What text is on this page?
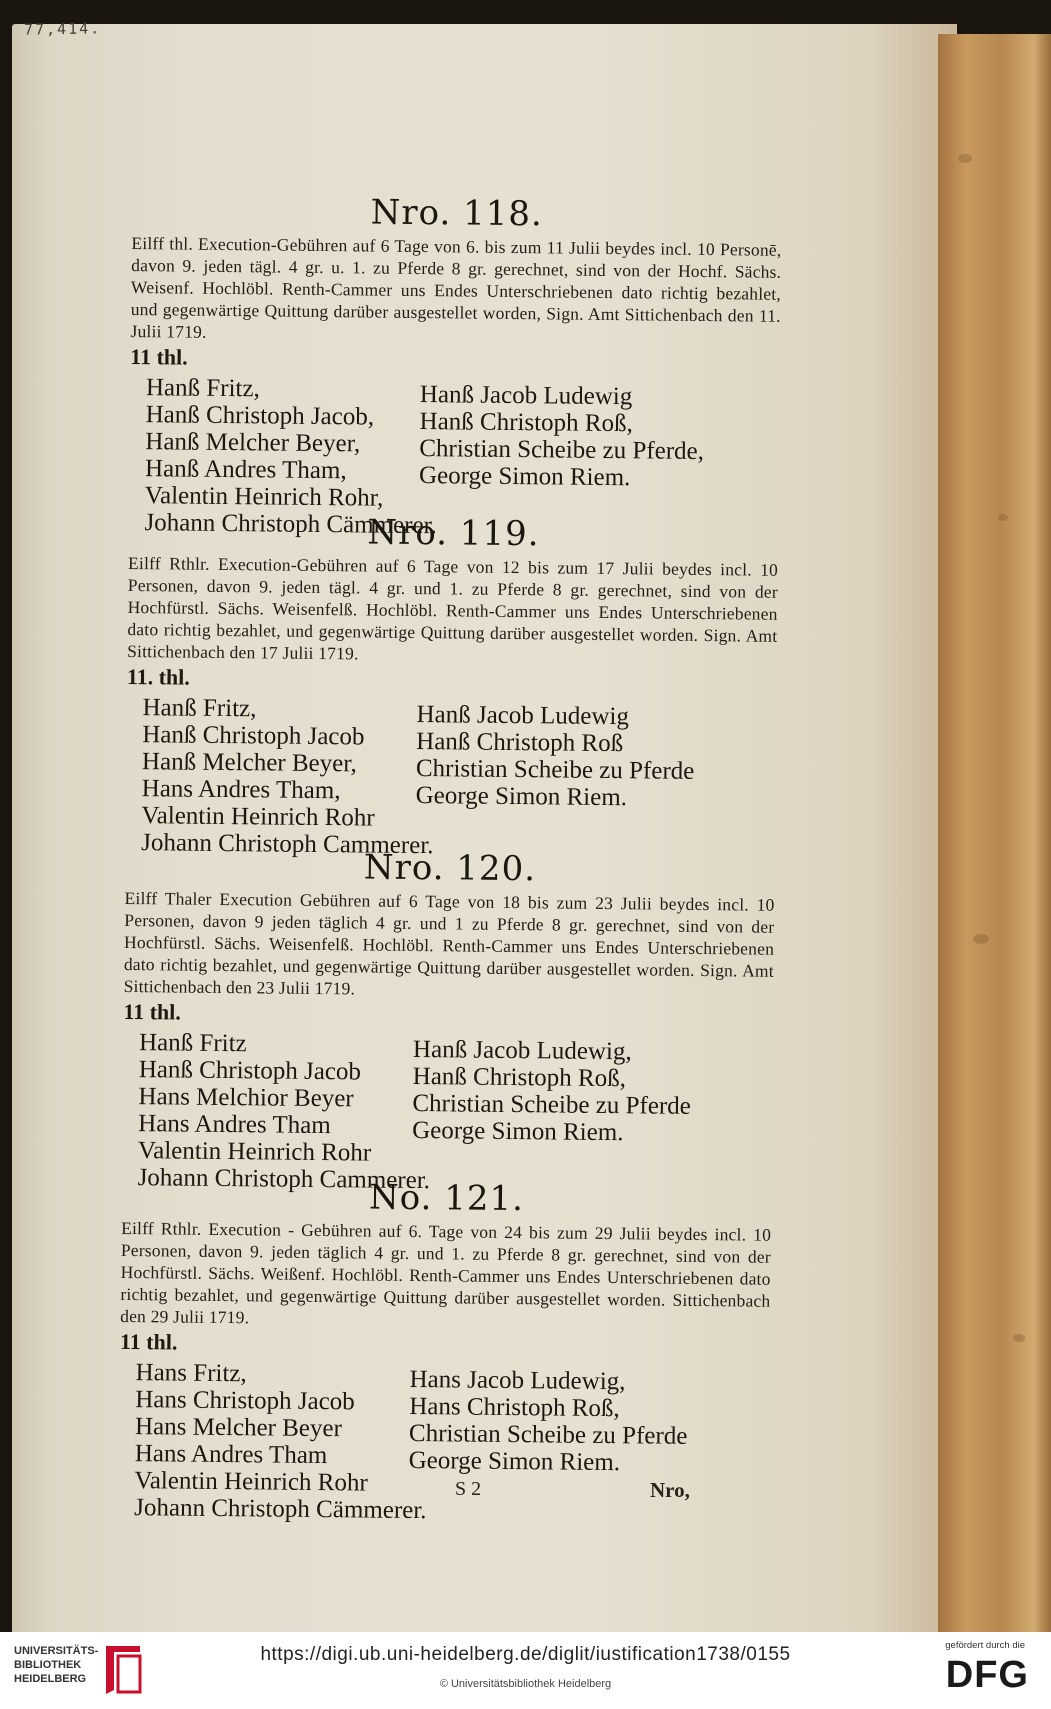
77,414.
Nro. 118.

Eilff thl. Execution-Gebühren auf 6 Tage von 6. bis zum 11 Julii beydes incl. 10 Personē, davon 9. jeden tägl. 4 gr. u. 1. zu Pferde 8 gr. gerechnet, sind von der Hochf. Sächs. Weisenf. Hochlöbl. Renth-Cammer uns Endes Unterschriebenen dato richtig bezahlet, und gegenwärtige Quittung darüber ausgestellet worden, Sign. Amt Sittichenbach den 11. Julii 1719.

11 thl.
Hanß Fritz,
Hanß Christoph Jacob,
Hanß Melcher Beyer,
Hanß Andres Tham,
Valentin Heinrich Rohr,
Johann Christoph Cämmerer.
Hanß Jacob Ludewig
Hanß Christoph Roß,
Christian Scheibe zu Pferde,
George Simon Riem.
Nro. 119.

Eilff Rthlr. Execution-Gebühren auf 6 Tage von 12 bis zum 17 Julii beydes incl. 10 Personen, davon 9. jeden tägl. 4 gr. und 1. zu Pferde 8 gr. gerechnet, sind von der Hochfürstl. Sächs. Weisenfelß. Hochlöbl. Renth-Cammer uns Endes Unterschriebenen dato richtig bezahlet, und gegenwärtige Quittung darüber ausgestellet worden. Sign. Amt Sittichenbach den 17 Julii 1719.

11. thl.
Hanß Fritz,
Hanß Christoph Jacob
Hanß Melcher Beyer,
Hans Andres Tham,
Valentin Heinrich Rohr
Johann Christoph Cammerer.
Hanß Jacob Ludewig
Hanß Christoph Roß
Christian Scheibe zu Pferde
George Simon Riem.
Nro. 120.

Eilff Thaler Execution Gebühren auf 6 Tage von 18 bis zum 23 Julii beydes incl. 10 Personen, davon 9 jeden täglich 4 gr. und 1 zu Pferde 8 gr. gerechnet, sind von der Hochfürstl. Sächs. Weisenfelß. Hochlöbl. Renth-Cammer uns Endes Unterschriebenen dato richtig bezahlet, und gegenwärtige Quittung darüber ausgestellet worden. Sign. Amt Sittichenbach den 23 Julii 1719.

11 thl.
Hanß Fritz
Hanß Christoph Jacob
Hans Melchior Beyer
Hans Andres Tham
Valentin Heinrich Rohr
Johann Christoph Cammerer.
Hanß Jacob Ludewig,
Hanß Christoph Roß,
Christian Scheibe zu Pferde
George Simon Riem.
No. 121.

Eilff Rthlr. Execution - Gebühren auf 6. Tage von 24 bis zum 29 Julii beydes incl. 10 Personen, davon 9. jeden täglich 4 gr. und 1. zu Pferde 8 gr. gerechnet, sind von der Hochfürstl. Sächs. Weißenf. Hochlöbl. Renth-Cammer uns Endes Unterschriebenen dato richtig bezahlet, und gegenwärtige Quittung darüber ausgestellet worden. Sittichenbach den 29 Julii 1719.

11 thl.
Hans Fritz,
Hans Christoph Jacob
Hans Melcher Beyer
Hans Andres Tham
Valentin Heinrich Rohr
Johann Christoph Cämmerer.
Hans Jacob Ludewig,
Hans Christoph Roß,
Christian Scheibe zu Pferde
George Simon Riem.
S 2	Nro,
UNIVERSITÄTS-
BIBLIOTHEK
HEIDELBERG
https://digi.ub.uni-heidelberg.de/diglit/iustification1738/0155
© Universitätsbibliothek Heidelberg
gefördert durch die
DFG
